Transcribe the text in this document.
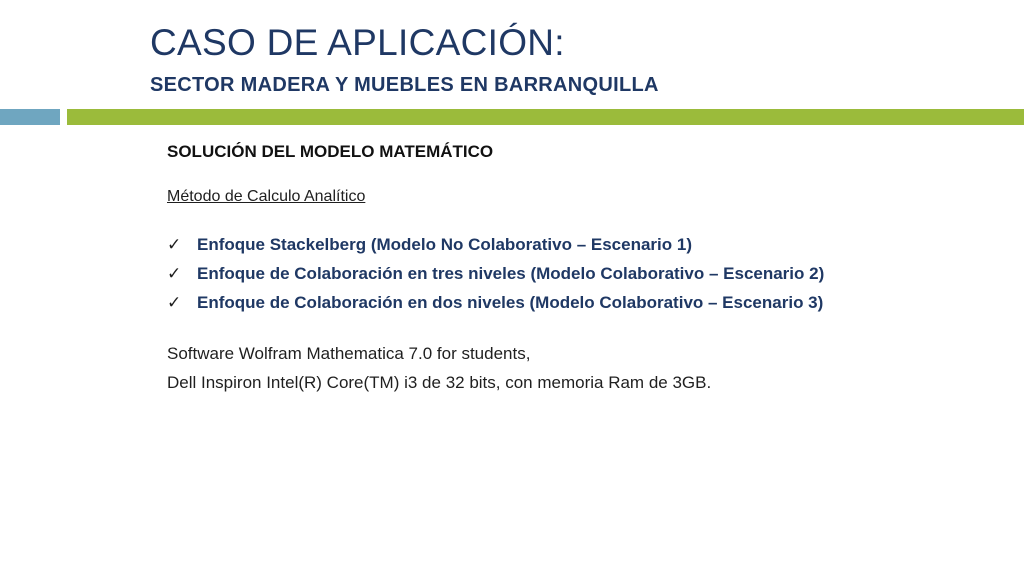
CASO DE APLICACIÓN:
SECTOR MADERA Y MUEBLES EN BARRANQUILLA
SOLUCIÓN DEL MODELO MATEMÁTICO
Método de Calculo Analítico
✓ Enfoque Stackelberg (Modelo No Colaborativo – Escenario 1)
✓ Enfoque de Colaboración en tres niveles (Modelo Colaborativo – Escenario 2)
✓ Enfoque de Colaboración en dos niveles (Modelo Colaborativo – Escenario 3)

Software Wolfram Mathematica 7.0 for students,

Dell Inspiron Intel(R) Core(TM) i3 de 32 bits, con memoria Ram de 3GB.
